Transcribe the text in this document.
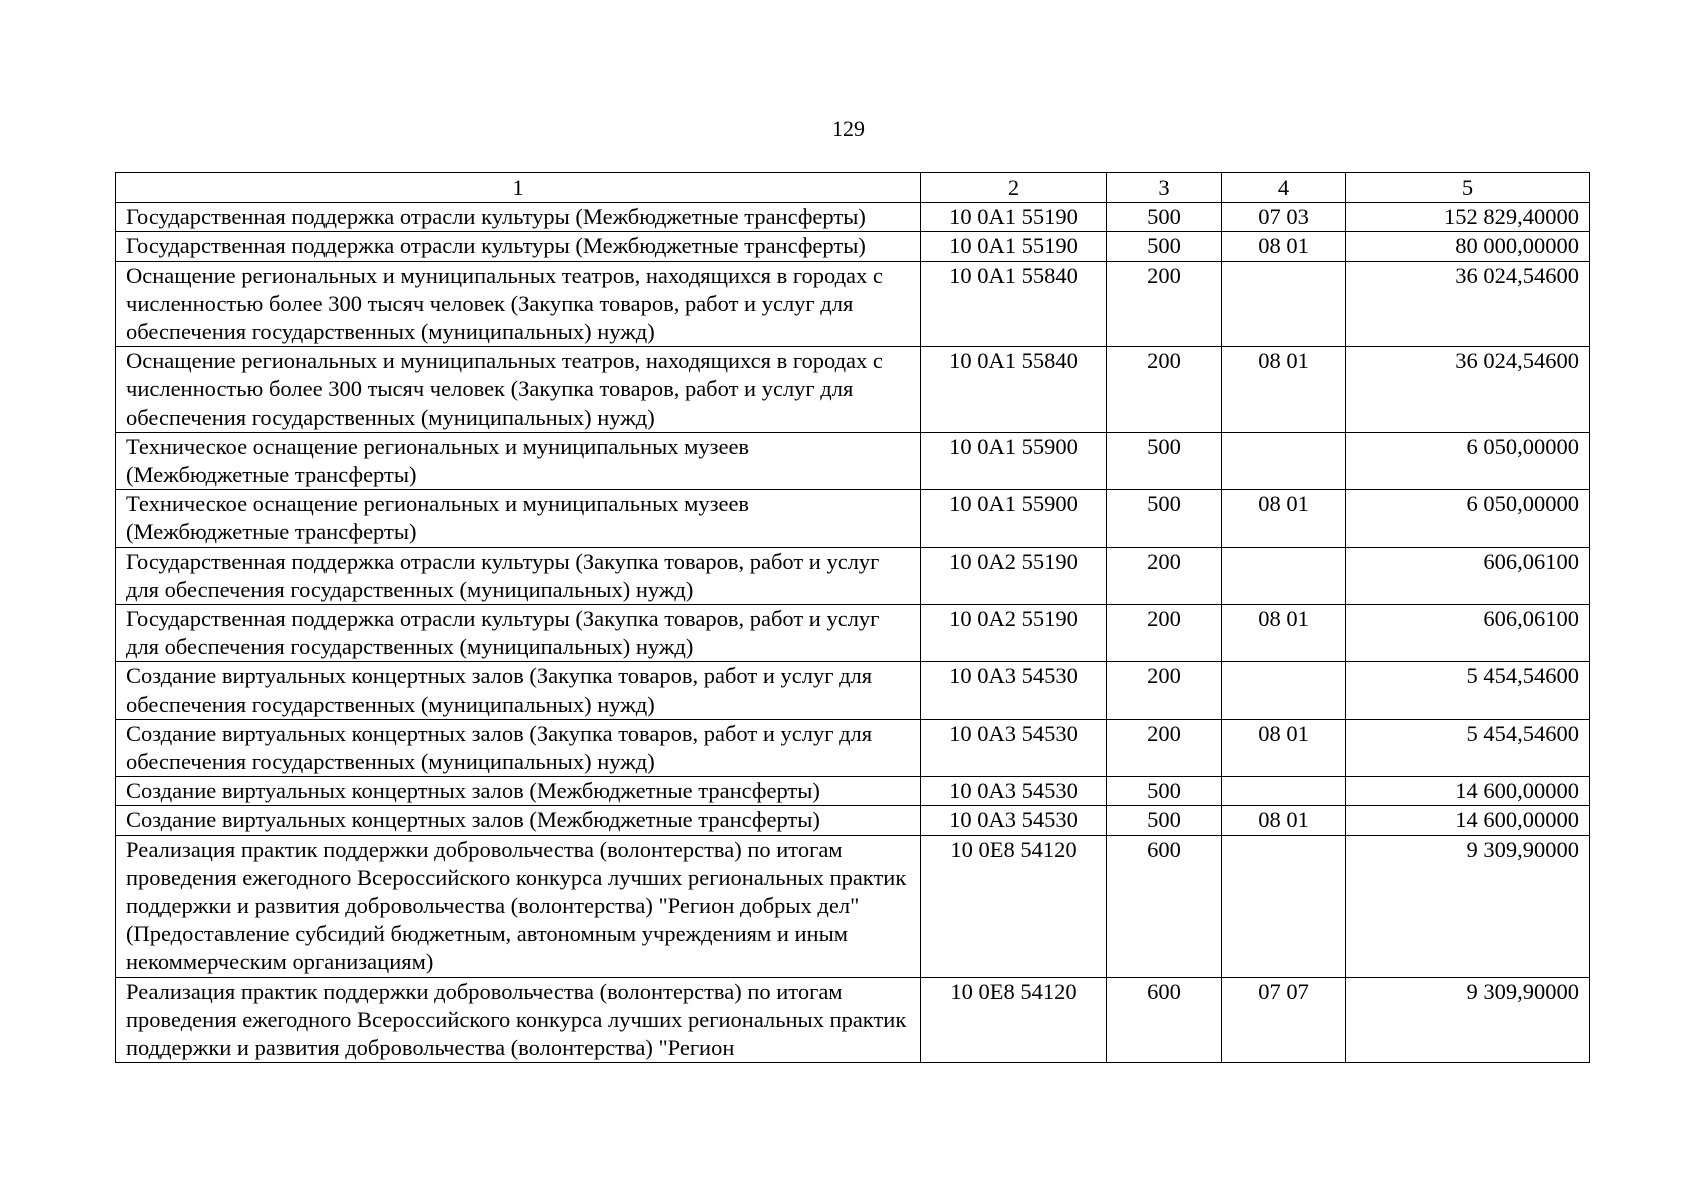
129
1	2	3	4	5
Государственная поддержка отрасли культуры (Межбюджетные трансферты)	10 0А1 55190	500	07 03	152 829,40000
Государственная поддержка отрасли культуры (Межбюджетные трансферты)	10 0А1 55190	500	08 01	80 000,00000
Оснащение региональных и муниципальных театров, находящихся в городах с численностью более 300 тысяч человек (Закупка товаров, работ и услуг для обеспечения государственных (муниципальных) нужд)	10 0А1 55840	200		36 024,54600
Оснащение региональных и муниципальных театров, находящихся в городах с численностью более 300 тысяч человек (Закупка товаров, работ и услуг для обеспечения государственных (муниципальных) нужд)	10 0А1 55840	200	08 01	36 024,54600
Техническое оснащение региональных и муниципальных музеев (Межбюджетные трансферты)	10 0А1 55900	500		6 050,00000
Техническое оснащение региональных и муниципальных музеев (Межбюджетные трансферты)	10 0А1 55900	500	08 01	6 050,00000
Государственная поддержка отрасли культуры (Закупка товаров, работ и услуг для обеспечения государственных (муниципальных) нужд)	10 0А2 55190	200		606,06100
Государственная поддержка отрасли культуры (Закупка товаров, работ и услуг для обеспечения государственных (муниципальных) нужд)	10 0А2 55190	200	08 01	606,06100
Создание виртуальных концертных залов (Закупка товаров, работ и услуг для обеспечения государственных (муниципальных) нужд)	10 0А3 54530	200		5 454,54600
Создание виртуальных концертных залов (Закупка товаров, работ и услуг для обеспечения государственных (муниципальных) нужд)	10 0А3 54530	200	08 01	5 454,54600
Создание виртуальных концертных залов (Межбюджетные трансферты)	10 0А3 54530	500		14 600,00000
Создание виртуальных концертных залов (Межбюджетные трансферты)	10 0А3 54530	500	08 01	14 600,00000
Реализация практик поддержки добровольчества (волонтерства) по итогам проведения ежегодного Всероссийского конкурса лучших региональных практик поддержки и развития добровольчества (волонтерства) "Регион добрых дел" (Предоставление субсидий бюджетным, автономным учреждениям и иным некоммерческим организациям)	10 0Е8 54120	600		9 309,90000
Реализация практик поддержки добровольчества (волонтерства) по итогам проведения ежегодного Всероссийского конкурса лучших региональных практик поддержки и развития добровольчества (волонтерства) "Регион	10 0Е8 54120	600	07 07	9 309,90000
